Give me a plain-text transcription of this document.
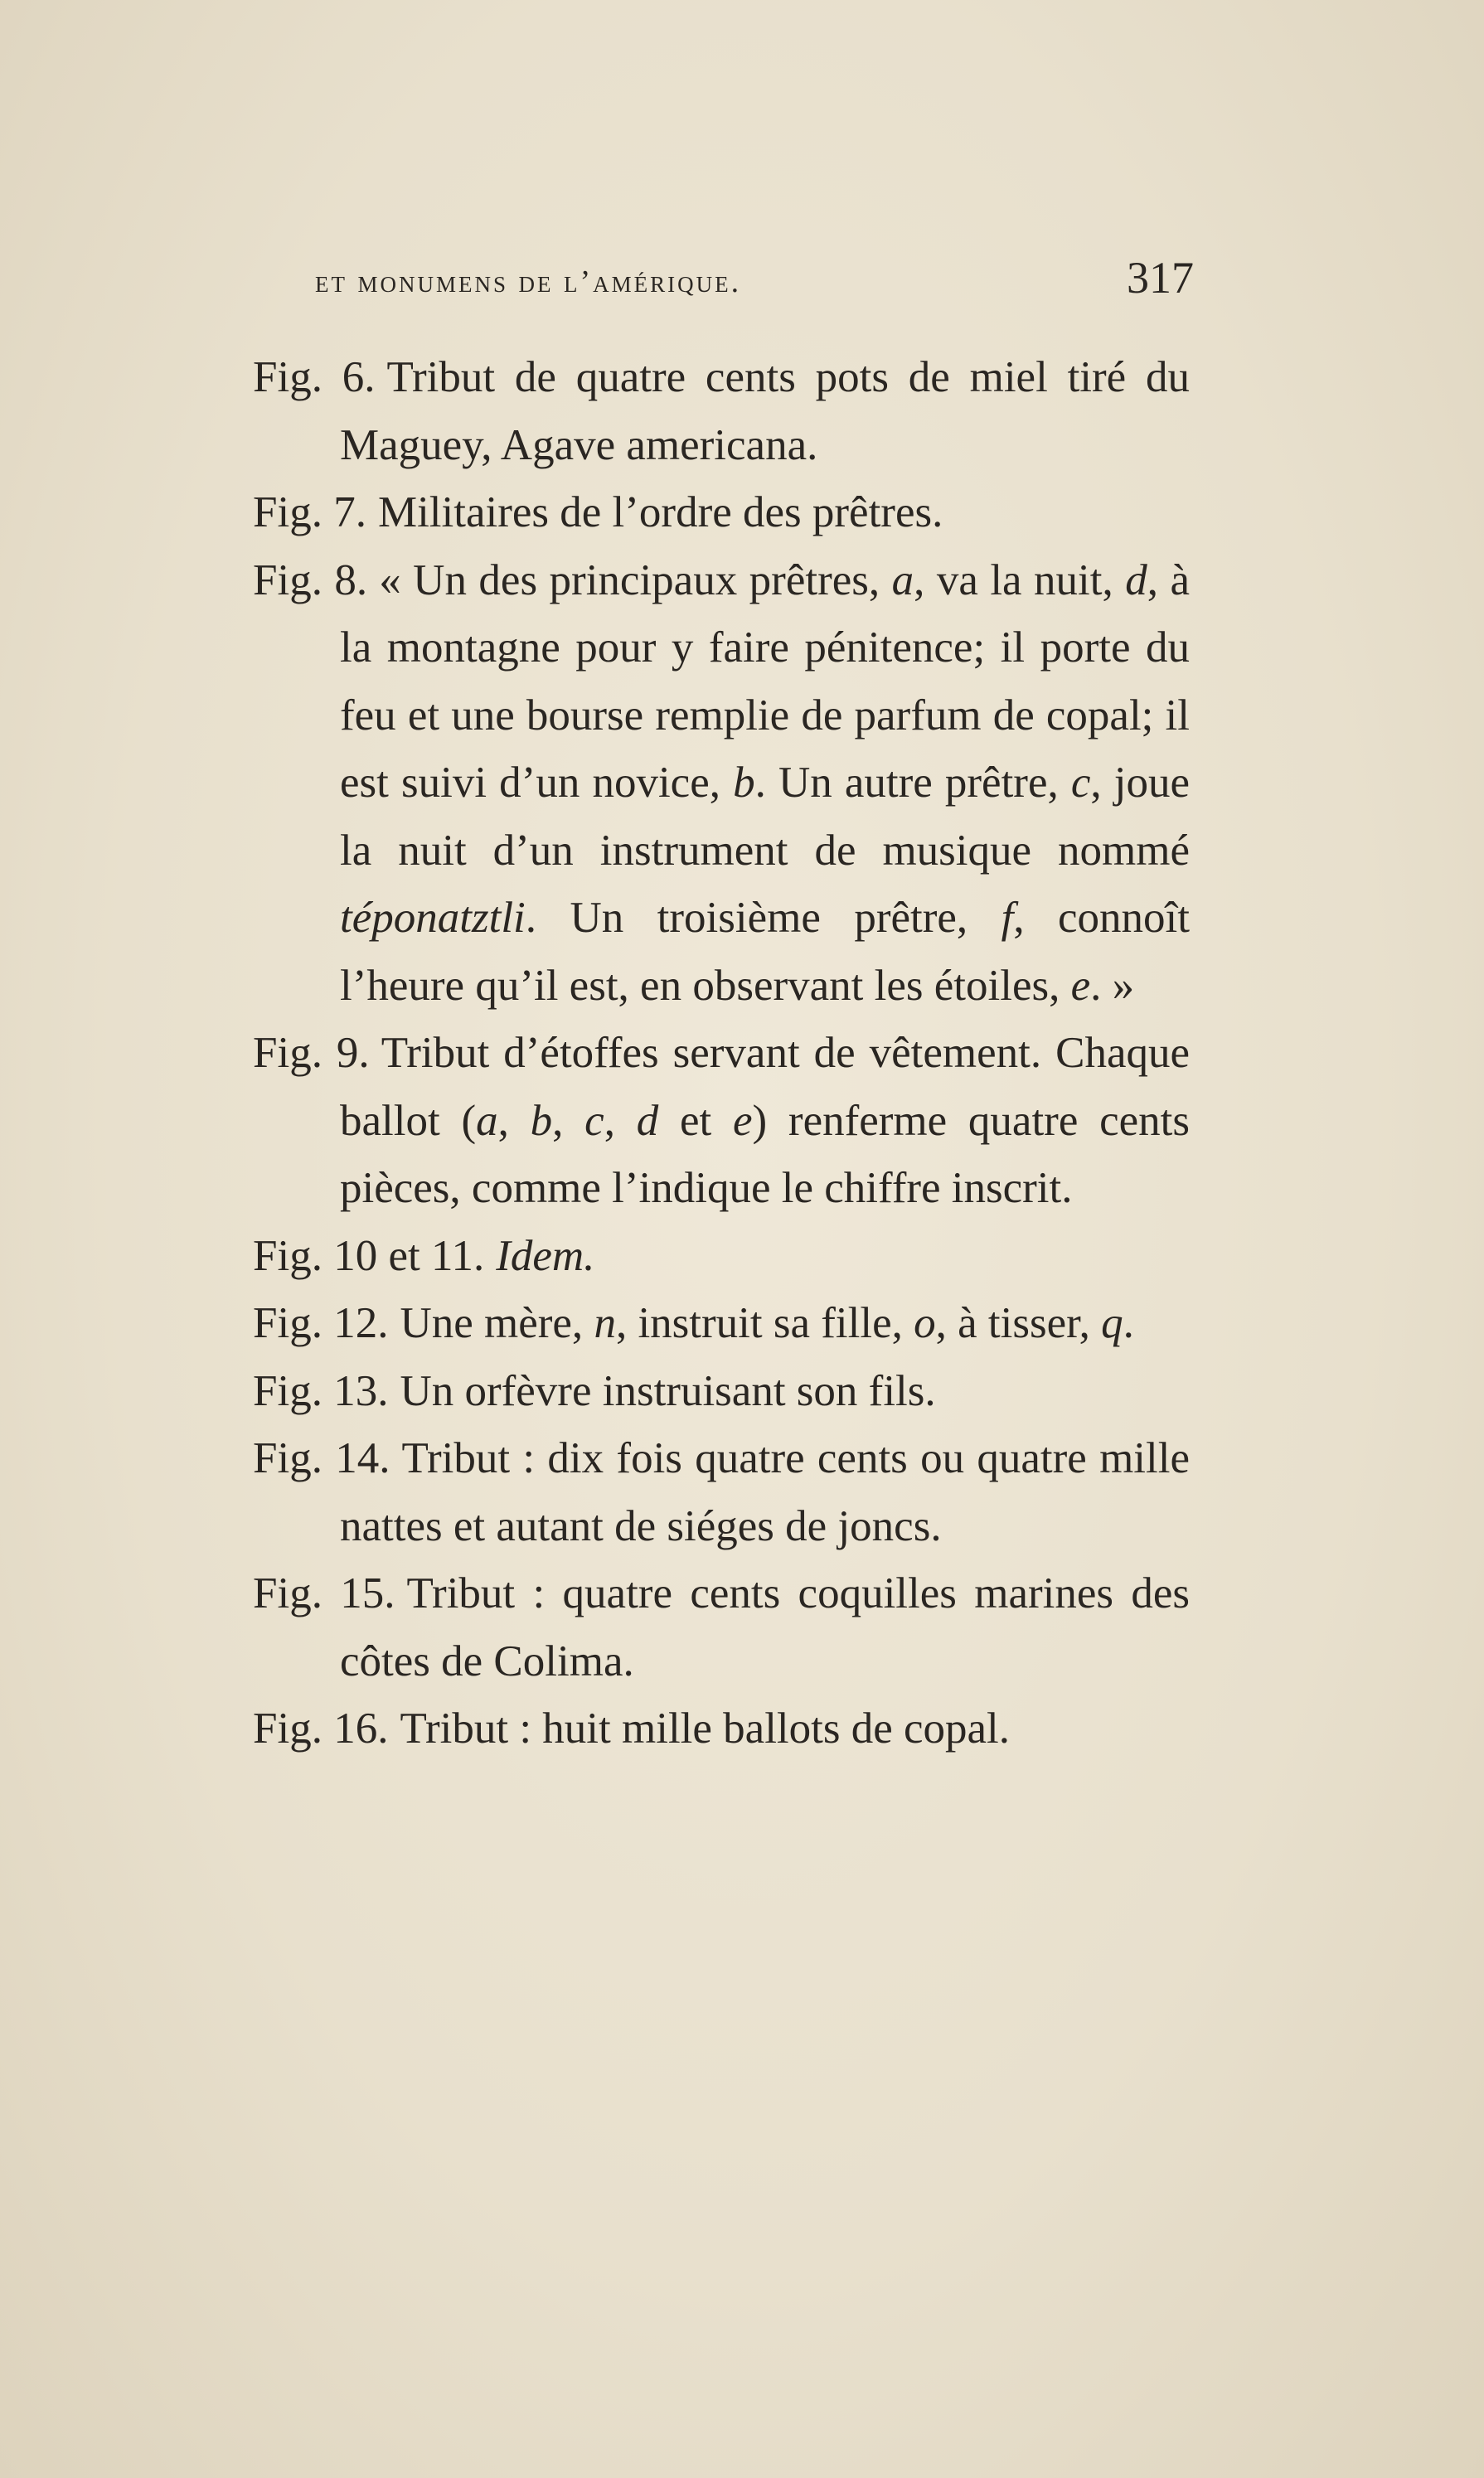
et monumens de l’amérique.	317

Fig. 6. Tribut de quatre cents pots de miel tiré du Maguey, Agave americana.

Fig. 7. Militaires de l’ordre des prêtres.

Fig. 8. « Un des principaux prêtres, a, va la nuit, d, à la montagne pour y faire pénitence; il porte du feu et une bourse remplie de parfum de copal; il est suivi d’un novice, b. Un autre prêtre, c, joue la nuit d’un instrument de musique nommé téponatztli. Un troisième prêtre, f, connoît l’heure qu’il est, en observant les étoiles, e. »

Fig. 9. Tribut d’étoffes servant de vêtement. Chaque ballot (a, b, c, d et e) renferme quatre cents pièces, comme l’indique le chiffre inscrit.

Fig. 10 et 11. Idem.

Fig. 12. Une mère, n, instruit sa fille, o, à tisser, q.

Fig. 13. Un orfèvre instruisant son fils.

Fig. 14. Tribut : dix fois quatre cents ou quatre mille nattes et autant de siéges de joncs.

Fig. 15. Tribut : quatre cents coquilles marines des côtes de Colima.

Fig. 16. Tribut : huit mille ballots de copal.
